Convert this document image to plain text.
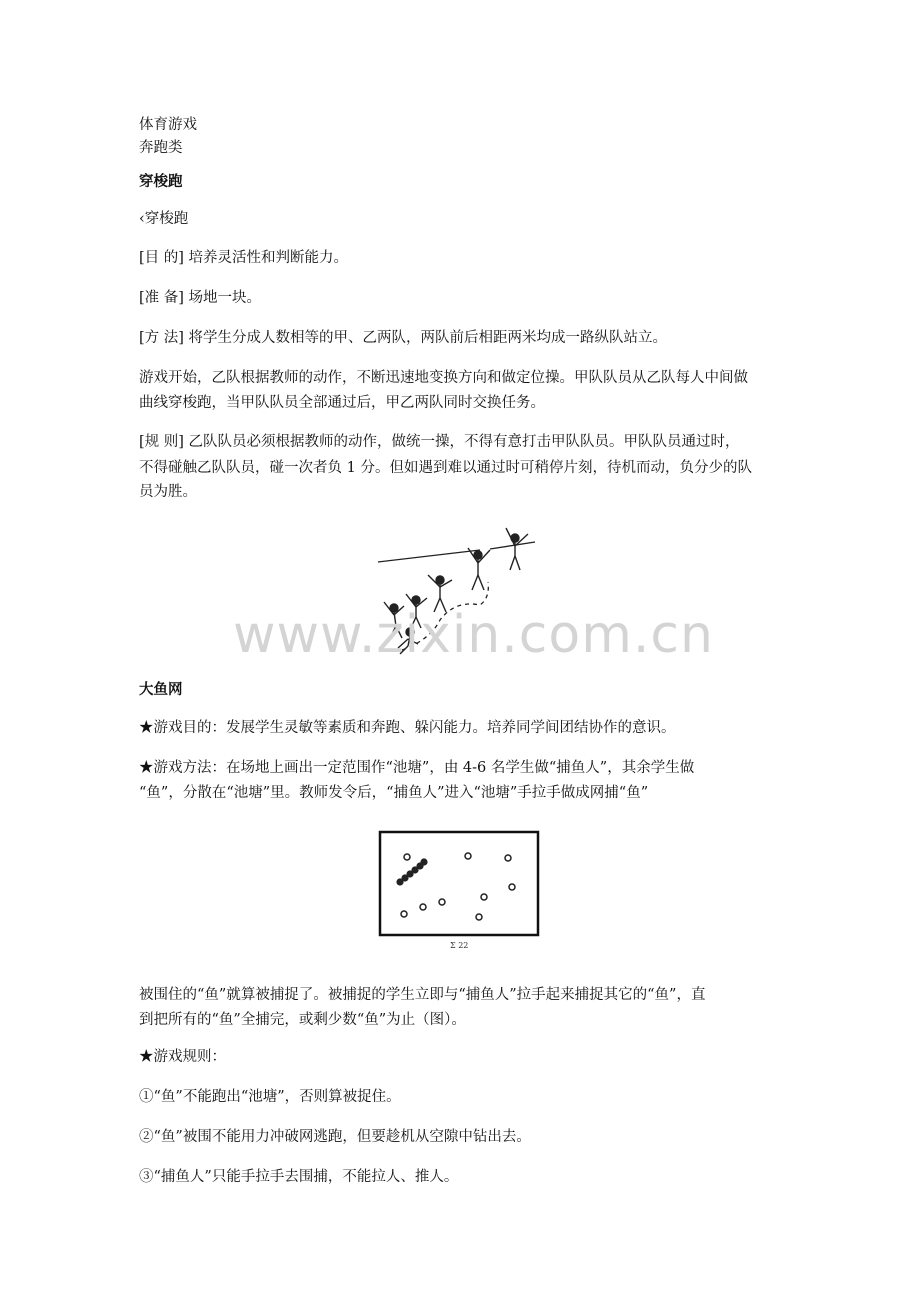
体育游戏
奔跑类
穿梭跑
‹穿梭跑
[目 的] 培养灵活性和判断能力。
[准 备] 场地一块。
[方 法] 将学生分成人数相等的甲、乙两队，两队前后相距两米均成一路纵队站立。
游戏开始，乙队根据教师的动作，不断迅速地变换方向和做定位操。甲队队员从乙队每人中间做
曲线穿梭跑，当甲队队员全部通过后，甲乙两队同时交换任务。
[规 则] 乙队队员必须根据教师的动作，做统一操，不得有意打击甲队队员。甲队队员通过时，
不得碰触乙队队员，碰一次者负 1 分。但如遇到难以通过时可稍停片刻，待机而动，负分少的队
员为胜。
www.zixin.com.cn
大鱼网
★游戏目的：发展学生灵敏等素质和奔跑、躲闪能力。培养同学间团结协作的意识。
★游戏方法：在场地上画出一定范围作“池塘”，由 4-6 名学生做“捕鱼人”，其余学生做
“鱼”，分散在“池塘”里。教师发令后，“捕鱼人”进入“池塘”手拉手做成网捕“鱼”
Σ 22
被围住的“鱼”就算被捕捉了。被捕捉的学生立即与“捕鱼人”拉手起来捕捉其它的“鱼”，直
到把所有的“鱼”全捕完，或剩少数“鱼”为止（图）。
★游戏规则：
①“鱼”不能跑出“池塘”，否则算被捉住。
②“鱼”被围不能用力冲破网逃跑，但要趁机从空隙中钻出去。
③“捕鱼人”只能手拉手去围捕，不能拉人、推人。
